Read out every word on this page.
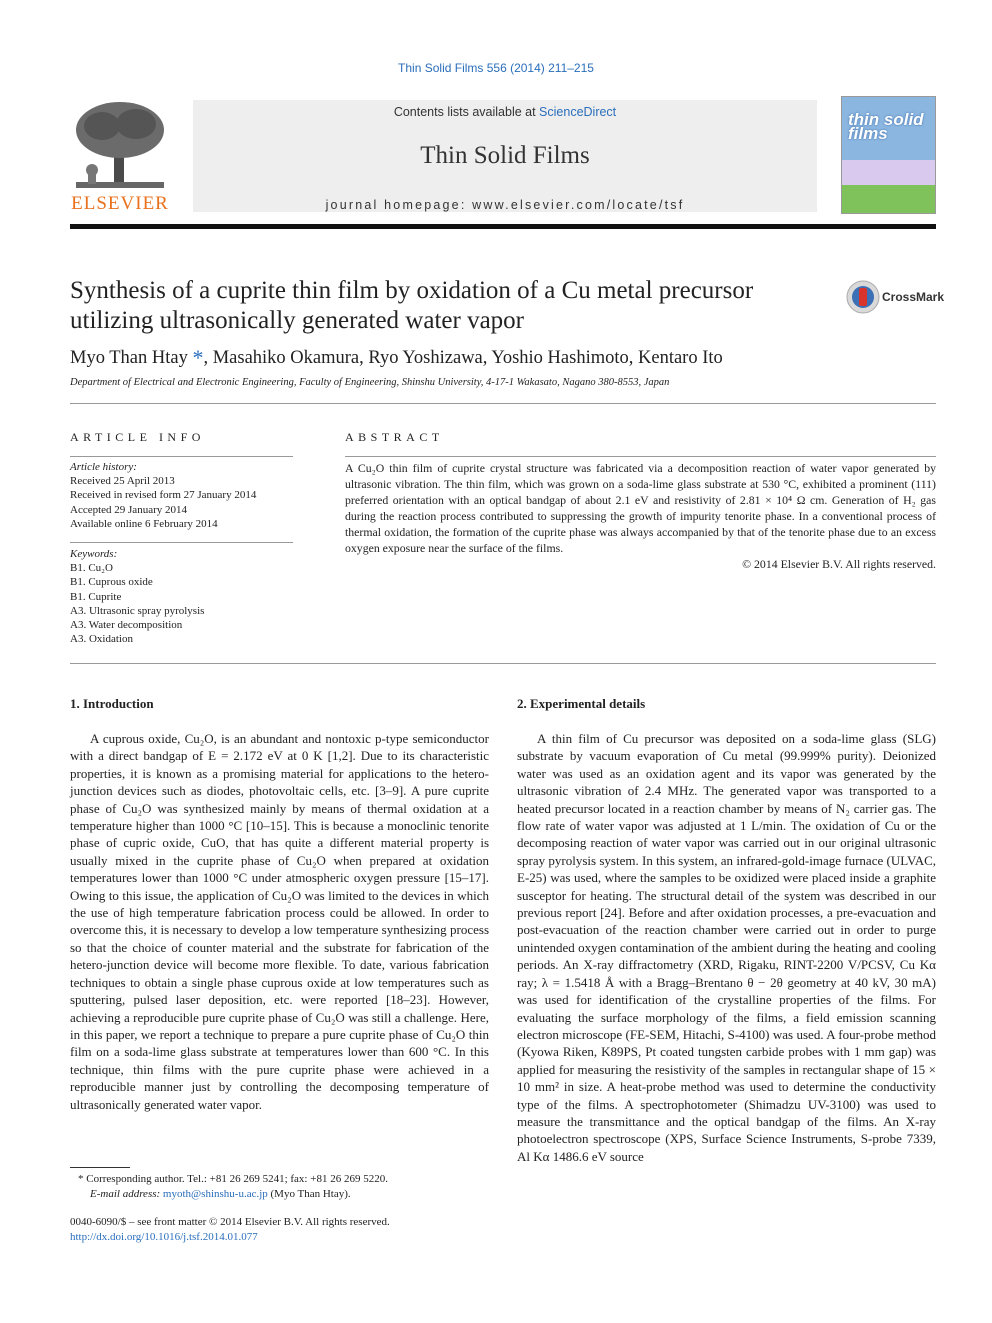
Thin Solid Films 556 (2014) 211–215
ELSEVIER
Contents lists available at ScienceDirect
Thin Solid Films
journal homepage: www.elsevier.com/locate/tsf
thin solid films
Synthesis of a cuprite thin film by oxidation of a Cu metal precursor utilizing ultrasonically generated water vapor
CrossMark
Myo Than Htay *, Masahiko Okamura, Ryo Yoshizawa, Yoshio Hashimoto, Kentaro Ito
Department of Electrical and Electronic Engineering, Faculty of Engineering, Shinshu University, 4-17-1 Wakasato, Nagano 380-8553, Japan
ARTICLE INFO
Article history:
Received 25 April 2013
Received in revised form 27 January 2014
Accepted 29 January 2014
Available online 6 February 2014
Keywords:
B1. Cu₂O
B1. Cuprous oxide
B1. Cuprite
A3. Ultrasonic spray pyrolysis
A3. Water decomposition
A3. Oxidation
ABSTRACT
A Cu₂O thin film of cuprite crystal structure was fabricated via a decomposition reaction of water vapor generated by ultrasonic vibration. The thin film, which was grown on a soda-lime glass substrate at 530 °C, exhibited a prominent (111) preferred orientation with an optical bandgap of about 2.1 eV and resistivity of 2.81 × 10⁴ Ω cm. Generation of H₂ gas during the reaction process contributed to suppressing the growth of impurity tenorite phase. In a conventional process of thermal oxidation, the formation of the cuprite phase was always accompanied by that of the tenorite phase due to an excess oxygen exposure near the surface of the films.
© 2014 Elsevier B.V. All rights reserved.
1. Introduction

A cuprous oxide, Cu₂O, is an abundant and nontoxic p-type semiconductor with a direct bandgap of E = 2.172 eV at 0 K [1,2]. Due to its characteristic properties, it is known as a promising material for applications to the hetero-junction devices such as diodes, photovoltaic cells, etc. [3–9]. A pure cuprite phase of Cu₂O was synthesized mainly by means of thermal oxidation at a temperature higher than 1000 °C [10–15]. This is because a monoclinic tenorite phase of cupric oxide, CuO, that has quite a different material property is usually mixed in the cuprite phase of Cu₂O when prepared at oxidation temperatures lower than 1000 °C under atmospheric oxygen pressure [15–17]. Owing to this issue, the application of Cu₂O was limited to the devices in which the use of high temperature fabrication process could be allowed. In order to overcome this, it is necessary to develop a low temperature synthesizing process so that the choice of counter material and the substrate for fabrication of the hetero-junction device will become more flexible. To date, various fabrication techniques to obtain a single phase cuprous oxide at low temperatures such as sputtering, pulsed laser deposition, etc. were reported [18–23]. However, achieving a reproducible pure cuprite phase of Cu₂O was still a challenge. Here, in this paper, we report a technique to prepare a pure cuprite phase of Cu₂O thin film on a soda-lime glass substrate at temperatures lower than 600 °C. In this technique, thin films with the pure cuprite phase were achieved in a reproducible manner just by controlling the decomposing temperature of ultrasonically generated water vapor.

* Corresponding author. Tel.: +81 26 269 5241; fax: +81 26 269 5220.
E-mail address: myoth@shinshu-u.ac.jp (Myo Than Htay).
0040-6090/$ – see front matter © 2014 Elsevier B.V. All rights reserved.
http://dx.doi.org/10.1016/j.tsf.2014.01.077
2. Experimental details

A thin film of Cu precursor was deposited on a soda-lime glass (SLG) substrate by vacuum evaporation of Cu metal (99.999% purity). Deionized water was used as an oxidation agent and its vapor was generated by the ultrasonic vibration of 2.4 MHz. The generated vapor was transported to a heated precursor located in a reaction chamber by means of N₂ carrier gas. The flow rate of water vapor was adjusted at 1 L/min. The oxidation of Cu or the decomposing reaction of water vapor was carried out in our original ultrasonic spray pyrolysis system. In this system, an infrared-gold-image furnace (ULVAC, E-25) was used, where the samples to be oxidized were placed inside a graphite susceptor for heating. The structural detail of the system was described in our previous report [24]. Before and after oxidation processes, a pre-evacuation and post-evacuation of the reaction chamber were carried out in order to purge unintended oxygen contamination of the ambient during the heating and cooling periods. An X-ray diffractometry (XRD, Rigaku, RINT-2200 V/PCSV, Cu Kα ray; λ = 1.5418 Å with a Bragg–Brentano θ − 2θ geometry at 40 kV, 30 mA) was used for identification of the crystalline properties of the films. For evaluating the surface morphology of the films, a field emission scanning electron microscope (FE-SEM, Hitachi, S-4100) was used. A four-probe method (Kyowa Riken, K89PS, Pt coated tungsten carbide probes with 1 mm gap) was applied for measuring the resistivity of the samples in rectangular shape of 15 × 10 mm² in size. A heat-probe method was used to determine the conductivity type of the films. A spectrophotometer (Shimadzu UV-3100) was used to measure the transmittance and the optical bandgap of the films. An X-ray photoelectron spectroscope (XPS, Surface Science Instruments, S-probe 7339, Al Kα 1486.6 eV source
